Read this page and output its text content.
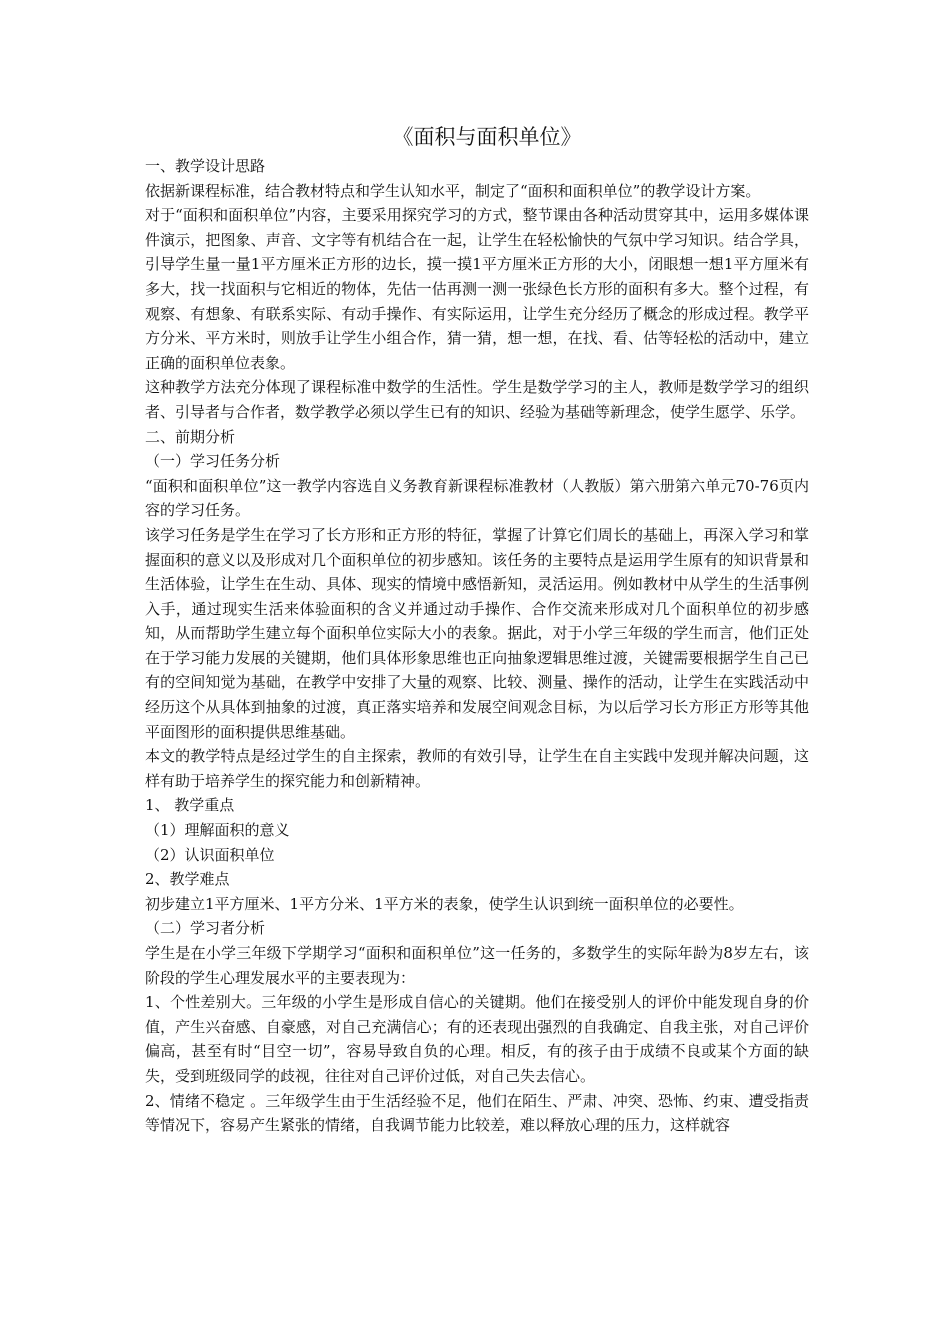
《面积与面积单位》

一、教学设计思路

依据新课程标准，结合教材特点和学生认知水平，制定了“面积和面积单位”的教学设计方案。

对于“面积和面积单位”内容，主要采用探究学习的方式，整节课由各种活动贯穿其中，运用多媒体课件演示，把图象、声音、文字等有机结合在一起，让学生在轻松愉快的气氛中学习知识。结合学具，引导学生量一量1平方厘米正方形的边长，摸一摸1平方厘米正方形的大小，闭眼想一想1平方厘米有多大，找一找面积与它相近的物体，先估一估再测一测一张绿色长方形的面积有多大。整个过程，有观察、有想象、有联系实际、有动手操作、有实际运用，让学生充分经历了概念的形成过程。教学平方分米、平方米时，则放手让学生小组合作，猜一猜，想一想，在找、看、估等轻松的活动中，建立正确的面积单位表象。

这种教学方法充分体现了课程标准中数学的生活性。学生是数学学习的主人，教师是数学学习的组织者、引导者与合作者，数学教学必须以学生已有的知识、经验为基础等新理念，使学生愿学、乐学。

二、前期分析

（一）学习任务分析

“面积和面积单位”这一教学内容选自义务教育新课程标准教材（人教版）第六册第六单元70-76页内容的学习任务。

该学习任务是学生在学习了长方形和正方形的特征，掌握了计算它们周长的基础上，再深入学习和掌握面积的意义以及形成对几个面积单位的初步感知。该任务的主要特点是运用学生原有的知识背景和生活体验，让学生在生动、具体、现实的情境中感悟新知，灵活运用。例如教材中从学生的生活事例入手，通过现实生活来体验面积的含义并通过动手操作、合作交流来形成对几个面积单位的初步感知，从而帮助学生建立每个面积单位实际大小的表象。据此，对于小学三年级的学生而言，他们正处在于学习能力发展的关键期，他们具体形象思维也正向抽象逻辑思维过渡，关键需要根据学生自己已有的空间知觉为基础，在教学中安排了大量的观察、比较、测量、操作的活动，让学生在实践活动中经历这个从具体到抽象的过渡，真正落实培养和发展空间观念目标，为以后学习长方形正方形等其他平面图形的面积提供思维基础。

本文的教学特点是经过学生的自主探索，教师的有效引导，让学生在自主实践中发现并解决问题，这样有助于培养学生的探究能力和创新精神。

1、 教学重点

（1）理解面积的意义

（2）认识面积单位

2、教学难点

初步建立1平方厘米、1平方分米、1平方米的表象，使学生认识到统一面积单位的必要性。

（二）学习者分析

学生是在小学三年级下学期学习“面积和面积单位”这一任务的，多数学生的实际年龄为8岁左右，该阶段的学生心理发展水平的主要表现为：

1、个性差别大。三年级的小学生是形成自信心的关键期。他们在接受别人的评价中能发现自身的价值，产生兴奋感、自豪感，对自己充满信心；有的还表现出强烈的自我确定、自我主张，对自己评价偏高，甚至有时“目空一切”，容易导致自负的心理。相反，有的孩子由于成绩不良或某个方面的缺失，受到班级同学的歧视，往往对自己评价过低，对自己失去信心。

2、情绪不稳定 。三年级学生由于生活经验不足，他们在陌生、严肃、冲突、恐怖、约束、遭受指责等情况下，容易产生紧张的情绪，自我调节能力比较差，难以释放心理的压力，这样就容
